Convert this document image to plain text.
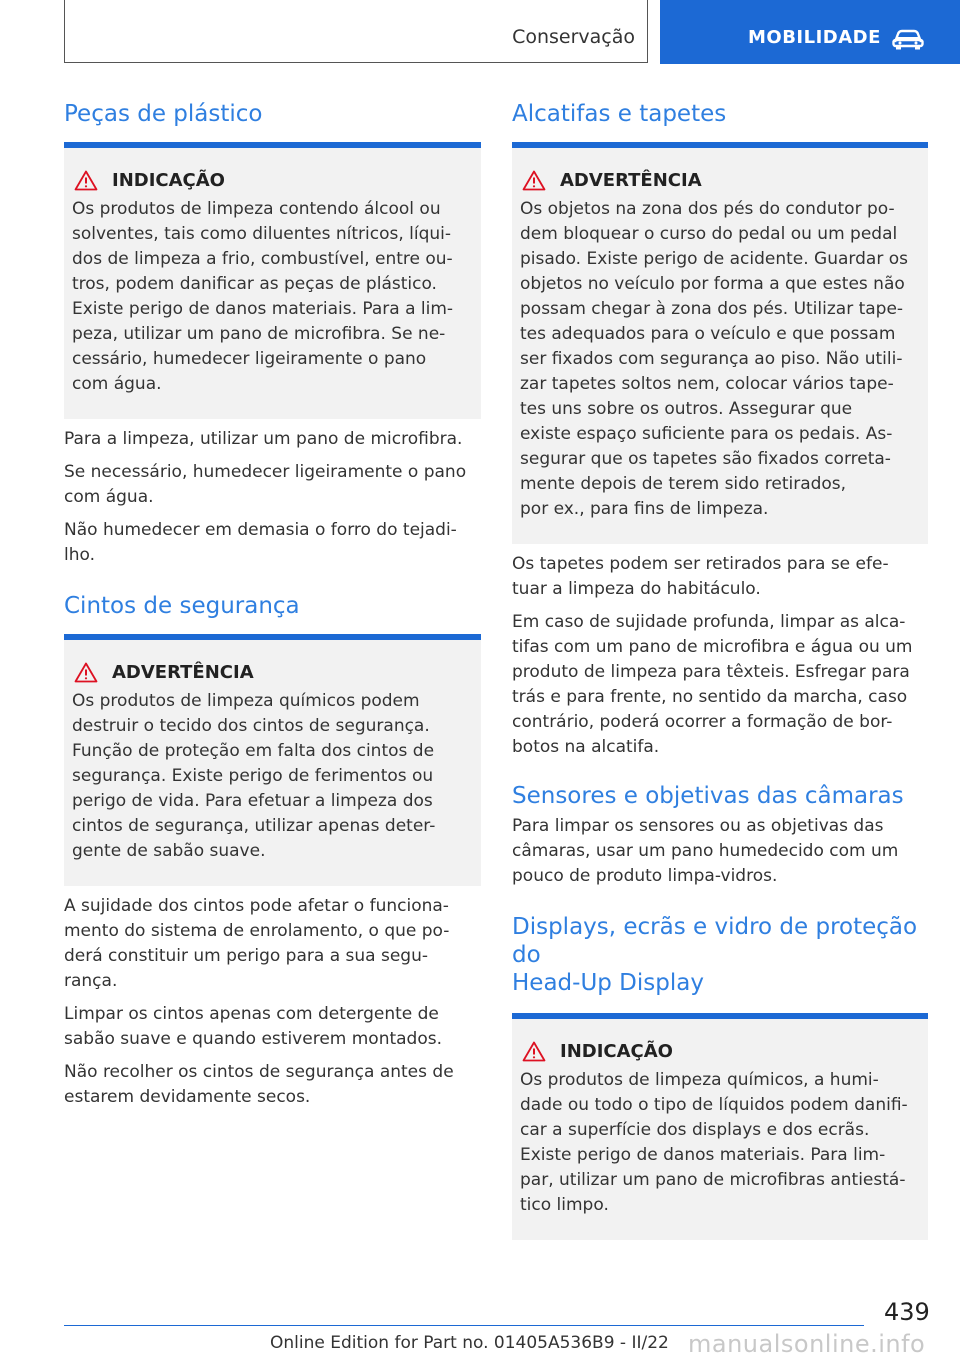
Conservação	MOBILIDADE
Peças de plástico
INDICAÇÃO
Os produtos de limpeza contendo álcool ou
solventes, tais como diluentes nítricos, líqui-
dos de limpeza a frio, combustível, entre ou-
tros, podem danificar as peças de plástico.
Existe perigo de danos materiais. Para a lim-
peza, utilizar um pano de microfibra. Se ne-
cessário, humedecer ligeiramente o pano
com água.

Para a limpeza, utilizar um pano de microfibra.

Se necessário, humedecer ligeiramente o pano
com água.

Não humedecer em demasia o forro do tejadi-
lho.

Cintos de segurança
ADVERTÊNCIA
Os produtos de limpeza químicos podem
destruir o tecido dos cintos de segurança.
Função de proteção em falta dos cintos de
segurança. Existe perigo de ferimentos ou
perigo de vida. Para efetuar a limpeza dos
cintos de segurança, utilizar apenas deter-
gente de sabão suave.

A sujidade dos cintos pode afetar o funciona-
mento do sistema de enrolamento, o que po-
derá constituir um perigo para a sua segu-
rança.

Limpar os cintos apenas com detergente de
sabão suave e quando estiverem montados.

Não recolher os cintos de segurança antes de
estarem devidamente secos.

Alcatifas e tapetes
ADVERTÊNCIA
Os objetos na zona dos pés do condutor po-
dem bloquear o curso do pedal ou um pedal
pisado. Existe perigo de acidente. Guardar os
objetos no veículo por forma a que estes não
possam chegar à zona dos pés. Utilizar tape-
tes adequados para o veículo e que possam
ser fixados com segurança ao piso. Não utili-
zar tapetes soltos nem, colocar vários tape-
tes uns sobre os outros. Assegurar que
existe espaço suficiente para os pedais. As-
segurar que os tapetes são fixados correta-
mente depois de terem sido retirados,
por ex., para fins de limpeza.

Os tapetes podem ser retirados para se efe-
tuar a limpeza do habitáculo.

Em caso de sujidade profunda, limpar as alca-
tifas com um pano de microfibra e água ou um
produto de limpeza para têxteis. Esfregar para
trás e para frente, no sentido da marcha, caso
contrário, poderá ocorrer a formação de bor-
botos na alcatifa.

Sensores e objetivas das câmaras

Para limpar os sensores ou as objetivas das
câmaras, usar um pano humedecido com um
pouco de produto limpa-vidros.

Displays, ecrãs e vidro de proteção do
Head-Up Display
INDICAÇÃO
Os produtos de limpeza químicos, a humi-
dade ou todo o tipo de líquidos podem danifi-
car a superfície dos displays e dos ecrãs.
Existe perigo de danos materiais. Para lim-
par, utilizar um pano de microfibras antiestá-
tico limpo.
439
Online Edition for Part no. 01405A536B9 - II/22 manualsonline.info
